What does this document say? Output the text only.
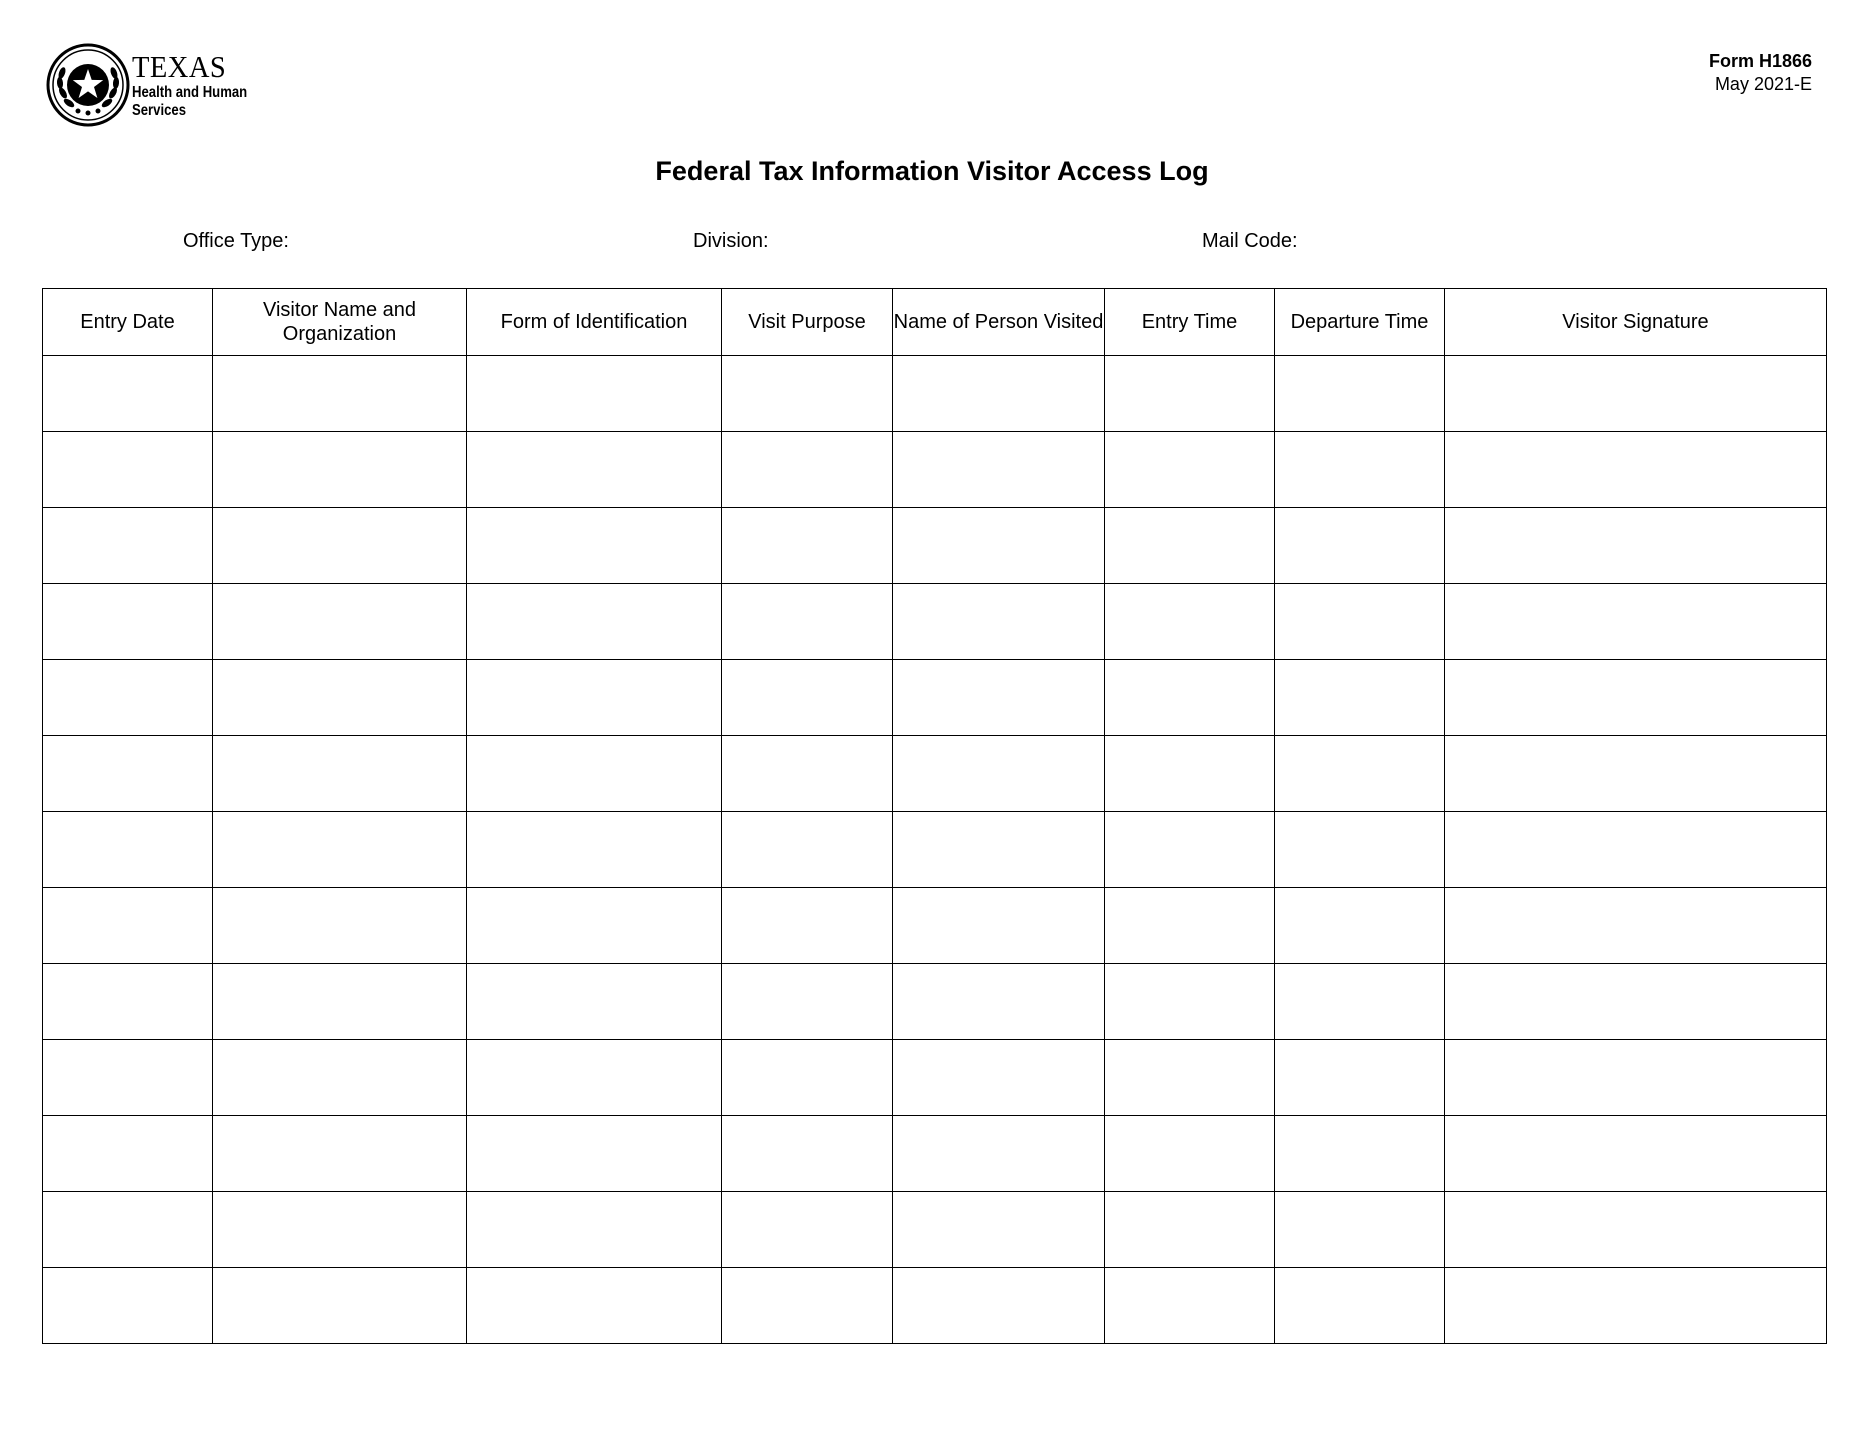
TEXAS
Health and Human Services
Form H1866
May 2021-E
Federal Tax Information Visitor Access Log
Office Type:	Division:	Mail Code:
Entry Date	Visitor Name and Organization	Form of Identification	Visit Purpose	Name of Person Visited	Entry Time	Departure Time	Visitor Signature
